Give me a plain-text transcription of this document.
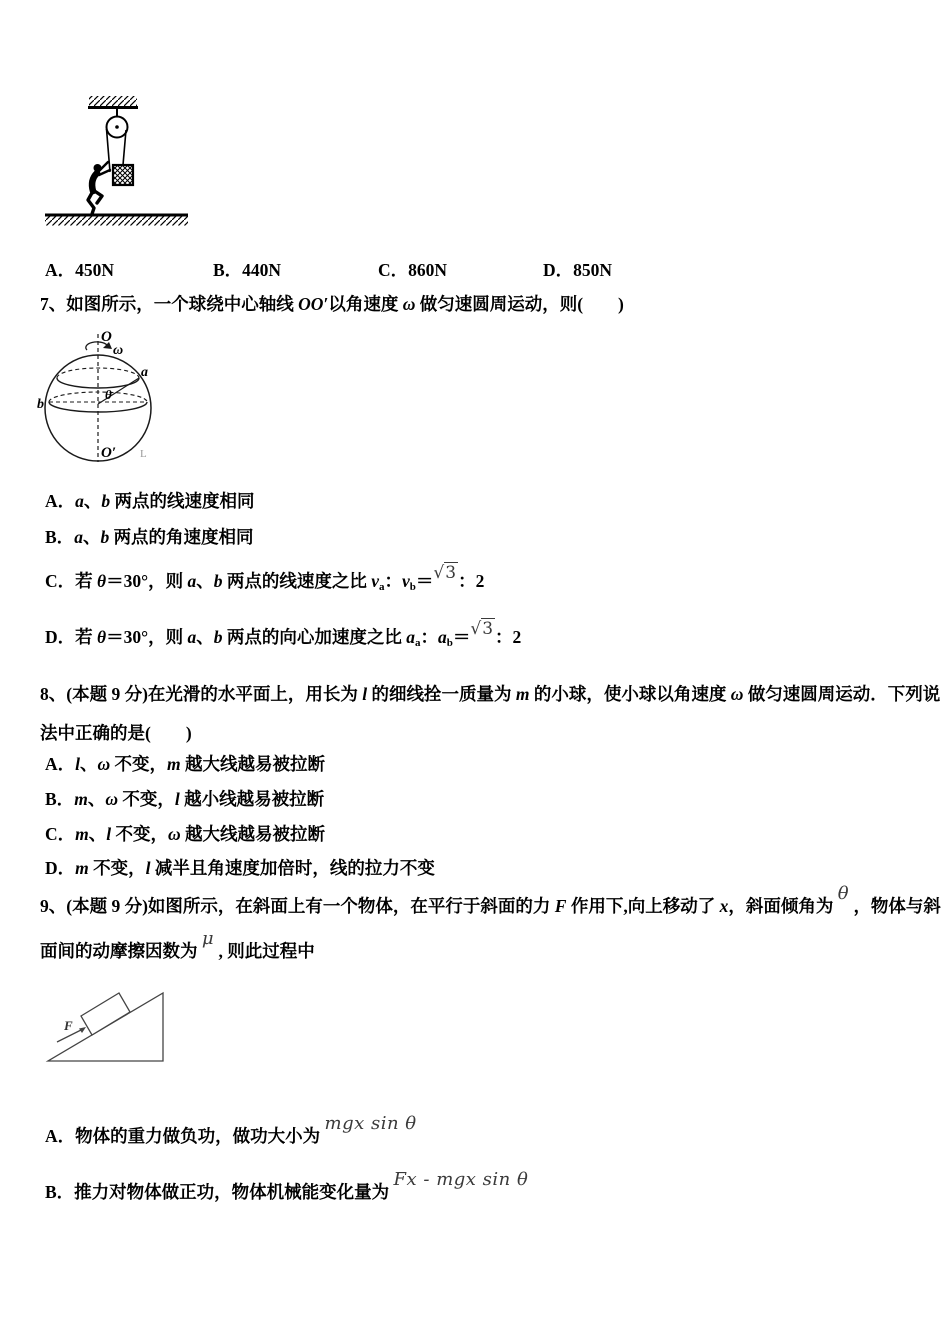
A．450N	B．440N	C．860N	D．850N
7、如图所示，一个球绕中心轴线 OO′以角速度 ω 做匀速圆周运动，则(　　)
O
ω
a
θ
b
O′ L
A．a、b 两点的线速度相同
B．a、b 两点的角速度相同
C．若 θ＝30°，则 a、b 两点的线速度之比 va：vb＝√3 ：2
D．若 θ＝30°，则 a、b 两点的向心加速度之比 aa：ab＝√3 ：2
8、(本题 9 分)在光滑的水平面上，用长为 l 的细线拴一质量为 m 的小球，使小球以角速度 ω 做匀速圆周运动．下列说
法中正确的是(　　)
A．l、ω 不变，m 越大线越易被拉断
B．m、ω 不变，l 越小线越易被拉断
C．m、l 不变，ω 越大线越易被拉断
D．m 不变，l 减半且角速度加倍时，线的拉力不变
9、(本题 9 分)如图所示，在斜面上有一个物体，在平行于斜面的力 F 作用下,向上移动了 x，斜面倾角为 θ ，物体与斜
面间的动摩擦因数为 μ , 则此过程中
F
A．物体的重力做负功，做功大小为 mgx sin θ
B．推力对物体做正功，物体机械能变化量为 Fx - mgx sin θ
